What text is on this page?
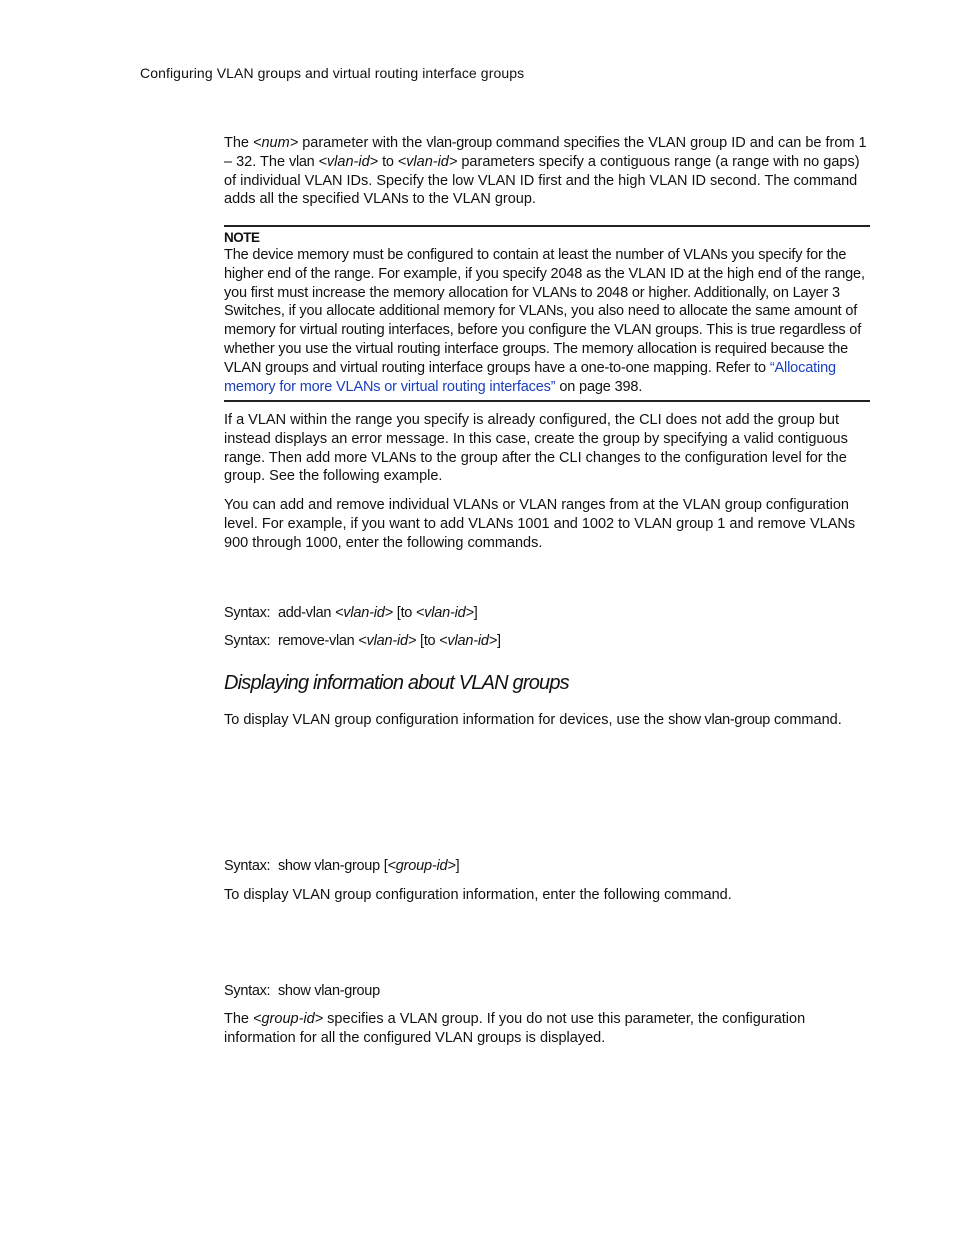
Configuring VLAN groups and virtual routing interface groups
The <num> parameter with the vlan-group command specifies the VLAN group ID and can be from 1 – 32. The vlan <vlan-id> to <vlan-id> parameters specify a contiguous range (a range with no gaps) of individual VLAN IDs. Specify the low VLAN ID first and the high VLAN ID second. The command adds all the specified VLANs to the VLAN group.
NOTE
The device memory must be configured to contain at least the number of VLANs you specify for the higher end of the range. For example, if you specify 2048 as the VLAN ID at the high end of the range, you first must increase the memory allocation for VLANs to 2048 or higher. Additionally, on Layer 3 Switches, if you allocate additional memory for VLANs, you also need to allocate the same amount of memory for virtual routing interfaces, before you configure the VLAN groups. This is true regardless of whether you use the virtual routing interface groups. The memory allocation is required because the VLAN groups and virtual routing interface groups have a one-to-one mapping. Refer to “Allocating memory for more VLANs or virtual routing interfaces” on page 398.
If a VLAN within the range you specify is already configured, the CLI does not add the group but instead displays an error message. In this case, create the group by specifying a valid contiguous range. Then add more VLANs to the group after the CLI changes to the configuration level for the group. See the following example.
You can add and remove individual VLANs or VLAN ranges from at the VLAN group configuration level. For example, if you want to add VLANs 1001 and 1002 to VLAN group 1 and remove VLANs 900 through 1000, enter the following commands.
Syntax: add-vlan <vlan-id> [to <vlan-id>]
Syntax: remove-vlan <vlan-id> [to <vlan-id>]
Displaying information about VLAN groups
To display VLAN group configuration information for devices, use the show vlan-group command.
Syntax: show vlan-group [<group-id>]
To display VLAN group configuration information, enter the following command.
Syntax: show vlan-group
The <group-id> specifies a VLAN group. If you do not use this parameter, the configuration information for all the configured VLAN groups is displayed.
